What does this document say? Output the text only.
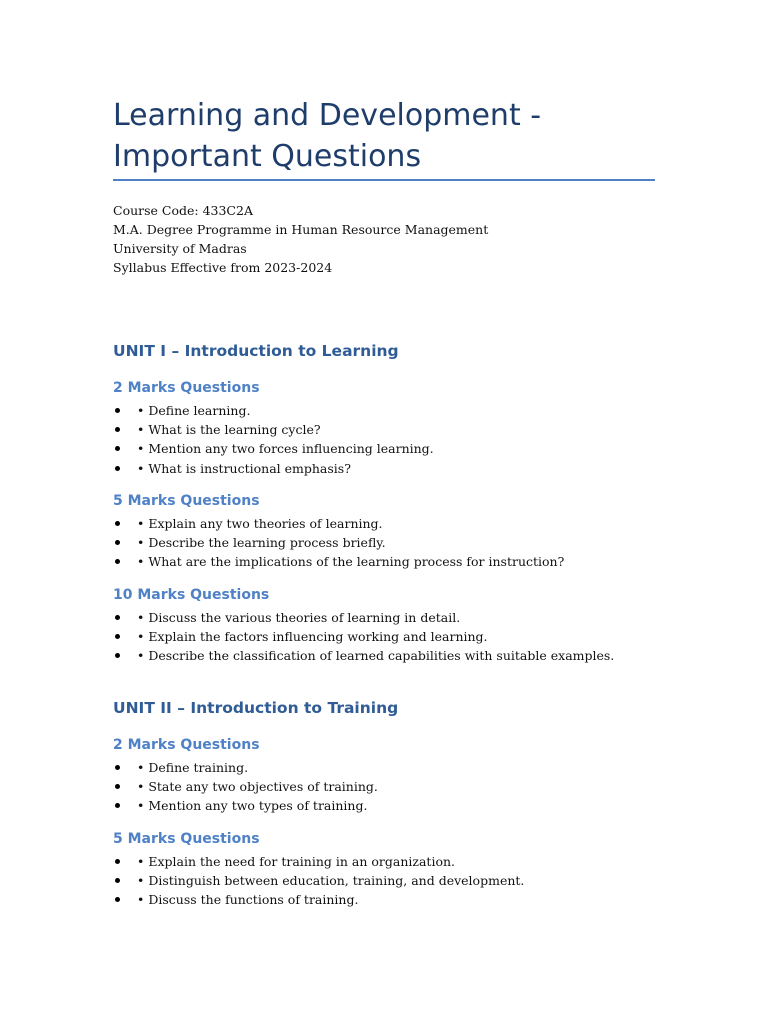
Learning and Development - Important Questions
Course Code: 433C2A
M.A. Degree Programme in Human Resource Management
University of Madras
Syllabus Effective from 2023-2024
UNIT I – Introduction to Learning
2 Marks Questions
• Define learning.
• What is the learning cycle?
• Mention any two forces influencing learning.
• What is instructional emphasis?
5 Marks Questions
• Explain any two theories of learning.
• Describe the learning process briefly.
• What are the implications of the learning process for instruction?
10 Marks Questions
• Discuss the various theories of learning in detail.
• Explain the factors influencing working and learning.
• Describe the classification of learned capabilities with suitable examples.
UNIT II – Introduction to Training
2 Marks Questions
• Define training.
• State any two objectives of training.
• Mention any two types of training.
5 Marks Questions
• Explain the need for training in an organization.
• Distinguish between education, training, and development.
• Discuss the functions of training.
